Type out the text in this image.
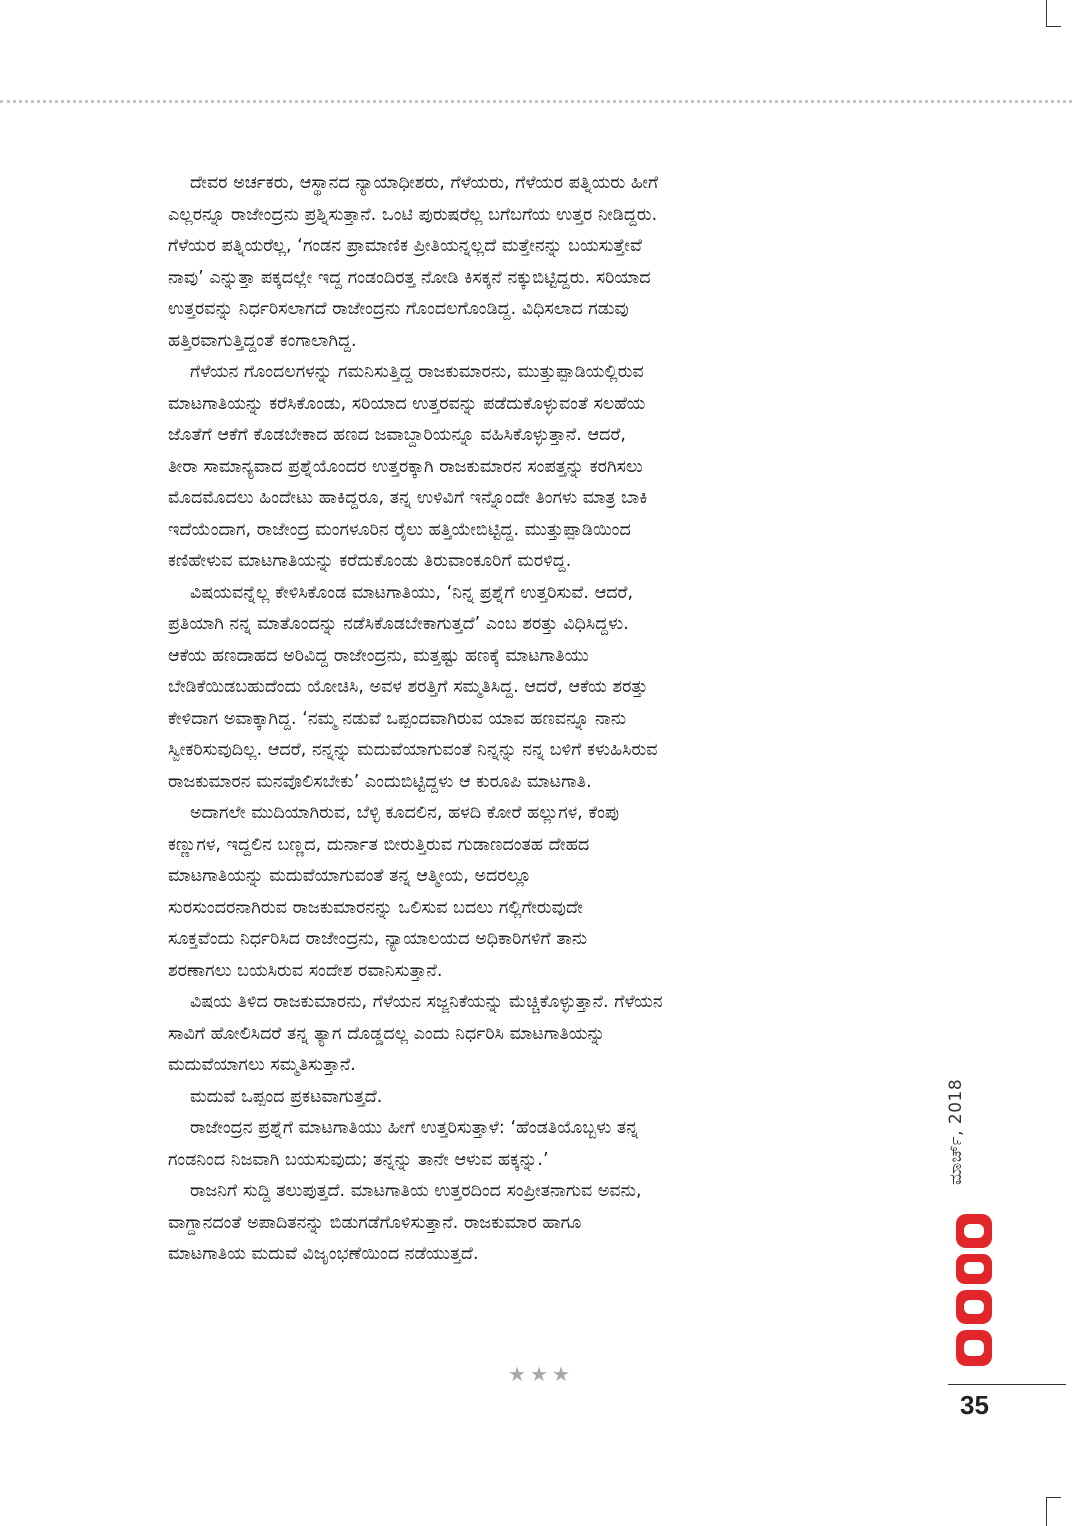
ದೇವರ ಅರ್ಚಕರು, ಆಸ್ಥಾನದ ನ್ಯಾಯಾಧೀಶರು, ಗೆಳೆಯರು, ಗೆಳೆಯರ ಪತ್ನಿಯರು ಹೀಗೆ
ಎಲ್ಲರನ್ನೂ ರಾಜೇಂದ್ರನು ಪ್ರಶ್ನಿಸುತ್ತಾನೆ. ಒಂಟಿ ಪುರುಷರೆಲ್ಲ ಬಗೆಬಗೆಯ ಉತ್ತರ ನೀಡಿದ್ದರು.
ಗೆಳೆಯರ ಪತ್ನಿಯರೆಲ್ಲ, ‘ಗಂಡನ ಪ್ರಾಮಾಣಿಕ ಪ್ರೀತಿಯನ್ನಲ್ಲದೆ ಮತ್ತೇನನ್ನು ಬಯಸುತ್ತೇವೆ
ನಾವು’ ಎನ್ನುತ್ತಾ ಪಕ್ಕದಲ್ಲೇ ಇದ್ದ ಗಂಡಂದಿರತ್ತ ನೋಡಿ ಕಿಸಕ್ಕನೆ ನಕ್ಕುಬಿಟ್ಟಿದ್ದರು. ಸರಿಯಾದ
ಉತ್ತರವನ್ನು ನಿರ್ಧರಿಸಲಾಗದೆ ರಾಜೇಂದ್ರನು ಗೊಂದಲಗೊಂಡಿದ್ದ. ವಿಧಿಸಲಾದ ಗಡುವು
ಹತ್ತಿರವಾಗುತ್ತಿದ್ದಂತೆ ಕಂಗಾಲಾಗಿದ್ದ.
ಗೆಳೆಯನ ಗೊಂದಲಗಳನ್ನು ಗಮನಿಸುತ್ತಿದ್ದ ರಾಜಕುಮಾರನು, ಮುತ್ತುಪ್ಪಾಡಿಯಲ್ಲಿರುವ
ಮಾಟಗಾತಿಯನ್ನು ಕರೆಸಿಕೊಂಡು, ಸರಿಯಾದ ಉತ್ತರವನ್ನು ಪಡೆದುಕೊಳ್ಳುವಂತೆ ಸಲಹೆಯ
ಜೊತೆಗೆ ಆಕೆಗೆ ಕೊಡಬೇಕಾದ ಹಣದ ಜವಾಬ್ದಾರಿಯನ್ನೂ ವಹಿಸಿಕೊಳ್ಳುತ್ತಾನೆ. ಆದರೆ,
ತೀರಾ ಸಾಮಾನ್ಯವಾದ ಪ್ರಶ್ನೆಯೊಂದರ ಉತ್ತರಕ್ಕಾಗಿ ರಾಜಕುಮಾರನ ಸಂಪತ್ತನ್ನು ಕರಗಿಸಲು
ಮೊದಮೊದಲು ಹಿಂದೇಟು ಹಾಕಿದ್ದರೂ, ತನ್ನ ಉಳಿವಿಗೆ ಇನ್ನೊಂದೇ ತಿಂಗಳು ಮಾತ್ರ ಬಾಕಿ
ಇದೆಯೆಂದಾಗ, ರಾಜೇಂದ್ರ ಮಂಗಳೂರಿನ ರೈಲು ಹತ್ತಿಯೇಬಿಟ್ಟಿದ್ದ. ಮುತ್ತುಪ್ಪಾಡಿಯಿಂದ
ಕಣಿಹೇಳುವ ಮಾಟಗಾತಿಯನ್ನು ಕರೆದುಕೊಂಡು ತಿರುವಾಂಕೂರಿಗೆ ಮರಳಿದ್ದ.
ವಿಷಯವನ್ನೆಲ್ಲ ಕೇಳಿಸಿಕೊಂಡ ಮಾಟಗಾತಿಯು, ‘ನಿನ್ನ ಪ್ರಶ್ನೆಗೆ ಉತ್ತರಿಸುವೆ. ಆದರೆ,
ಪ್ರತಿಯಾಗಿ ನನ್ನ ಮಾತೊಂದನ್ನು ನಡೆಸಿಕೊಡಬೇಕಾಗುತ್ತದೆ’ ಎಂಬ ಶರತ್ತು ವಿಧಿಸಿದ್ದಳು.
ಆಕೆಯ ಹಣದಾಹದ ಅರಿವಿದ್ದ ರಾಜೇಂದ್ರನು, ಮತ್ತಷ್ಟು ಹಣಕ್ಕೆ ಮಾಟಗಾತಿಯು
ಬೇಡಿಕೆಯಿಡಬಹುದೆಂದು ಯೋಚಿಸಿ, ಅವಳ ಶರತ್ತಿಗೆ ಸಮ್ಮತಿಸಿದ್ದ. ಆದರೆ, ಆಕೆಯ ಶರತ್ತು
ಕೇಳಿದಾಗ ಅವಾಕ್ಕಾಗಿದ್ದ. ‘ನಮ್ಮ ನಡುವೆ ಒಪ್ಪಂದವಾಗಿರುವ ಯಾವ ಹಣವನ್ನೂ ನಾನು
ಸ್ವೀಕರಿಸುವುದಿಲ್ಲ. ಆದರೆ, ನನ್ನನ್ನು ಮದುವೆಯಾಗುವಂತೆ ನಿನ್ನನ್ನು ನನ್ನ ಬಳಿಗೆ ಕಳುಹಿಸಿರುವ
ರಾಜಕುಮಾರನ ಮನವೊಲಿಸಬೇಕು’ ಎಂದುಬಿಟ್ಟಿದ್ದಳು ಆ ಕುರೂಪಿ ಮಾಟಗಾತಿ.
ಅದಾಗಲೇ ಮುದಿಯಾಗಿರುವ, ಬೆಳ್ಳಿ ಕೂದಲಿನ, ಹಳದಿ ಕೋರೆ ಹಲ್ಲುಗಳ, ಕೆಂಪು
ಕಣ್ಣುಗಳ, ಇದ್ದಲಿನ ಬಣ್ಣದ, ದುರ್ನಾತ ಬೀರುತ್ತಿರುವ ಗುಡಾಣದಂತಹ ದೇಹದ
ಮಾಟಗಾತಿಯನ್ನು ಮದುವೆಯಾಗುವಂತೆ ತನ್ನ ಆತ್ಮೀಯ, ಅದರಲ್ಲೂ
ಸುರಸುಂದರನಾಗಿರುವ ರಾಜಕುಮಾರನನ್ನು ಒಲಿಸುವ ಬದಲು ಗಲ್ಲಿಗೇರುವುದೇ
ಸೂಕ್ತವೆಂದು ನಿರ್ಧರಿಸಿದ ರಾಜೇಂದ್ರನು, ನ್ಯಾಯಾಲಯದ ಅಧಿಕಾರಿಗಳಿಗೆ ತಾನು
ಶರಣಾಗಲು ಬಯಸಿರುವ ಸಂದೇಶ ರವಾನಿಸುತ್ತಾನೆ.
ವಿಷಯ ತಿಳಿದ ರಾಜಕುಮಾರನು, ಗೆಳೆಯನ ಸಜ್ಜನಿಕೆಯನ್ನು ಮೆಚ್ಚಿಕೊಳ್ಳುತ್ತಾನೆ. ಗೆಳೆಯನ
ಸಾವಿಗೆ ಹೋಲಿಸಿದರೆ ತನ್ನ ತ್ಯಾಗ ದೊಡ್ಡದಲ್ಲ ಎಂದು ನಿರ್ಧರಿಸಿ ಮಾಟಗಾತಿಯನ್ನು
ಮದುವೆಯಾಗಲು ಸಮ್ಮತಿಸುತ್ತಾನೆ.
ಮದುವೆ ಒಪ್ಪಂದ ಪ್ರಕಟವಾಗುತ್ತದೆ.
ರಾಜೇಂದ್ರನ ಪ್ರಶ್ನೆಗೆ ಮಾಟಗಾತಿಯು ಹೀಗೆ ಉತ್ತರಿಸುತ್ತಾಳೆ: ‘ಹೆಂಡತಿಯೊಬ್ಬಳು ತನ್ನ
ಗಂಡನಿಂದ ನಿಜವಾಗಿ ಬಯಸುವುದು; ತನ್ನನ್ನು ತಾನೇ ಆಳುವ ಹಕ್ಕನ್ನು.’
ರಾಜನಿಗೆ ಸುದ್ದಿ ತಲುಪುತ್ತದೆ. ಮಾಟಗಾತಿಯ ಉತ್ತರದಿಂದ ಸಂಪ್ರೀತನಾಗುವ ಅವನು,
ವಾಗ್ದಾನದಂತೆ ಅಪಾದಿತನನ್ನು ಬಿಡುಗಡೆಗೊಳಿಸುತ್ತಾನೆ. ರಾಜಕುಮಾರ ಹಾಗೂ
ಮಾಟಗಾತಿಯ ಮದುವೆ ವಿಜೃಂಭಣೆಯಿಂದ ನಡೆಯುತ್ತದೆ.
★★★
ಮಾರ್ಚ್, 2018
35
